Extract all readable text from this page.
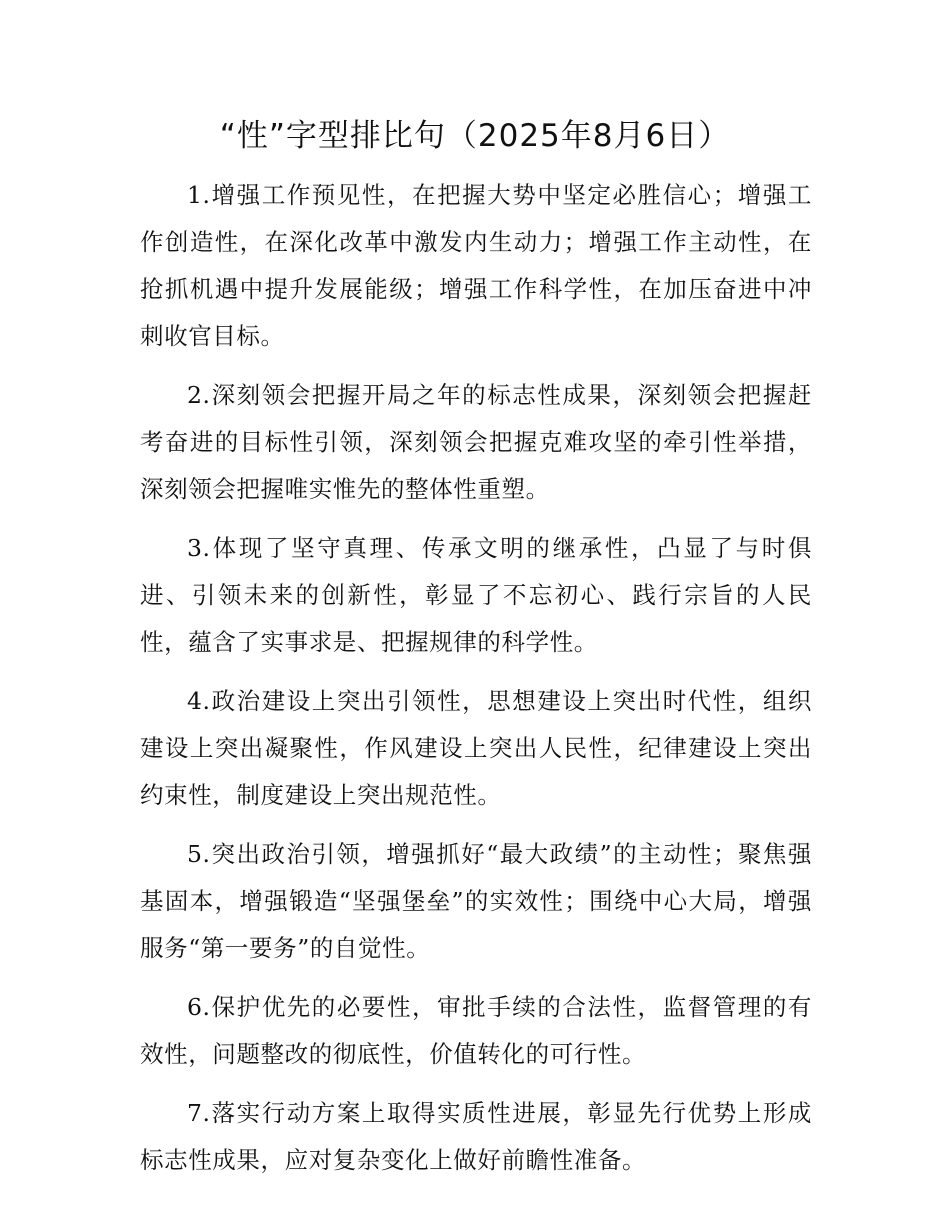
“性”字型排比句（2025年8月6日）

1.增强工作预见性，在把握大势中坚定必胜信心；增强工作创造性，在深化改革中激发内生动力；增强工作主动性，在抢抓机遇中提升发展能级；增强工作科学性，在加压奋进中冲刺收官目标。

2.深刻领会把握开局之年的标志性成果，深刻领会把握赶考奋进的目标性引领，深刻领会把握克难攻坚的牵引性举措，深刻领会把握唯实惟先的整体性重塑。

3.体现了坚守真理、传承文明的继承性，凸显了与时俱进、引领未来的创新性，彰显了不忘初心、践行宗旨的人民性，蕴含了实事求是、把握规律的科学性。

4.政治建设上突出引领性，思想建设上突出时代性，组织建设上突出凝聚性，作风建设上突出人民性，纪律建设上突出约束性，制度建设上突出规范性。

5.突出政治引领，增强抓好“最大政绩”的主动性；聚焦强基固本，增强锻造“坚强堡垒”的实效性；围绕中心大局，增强服务“第一要务”的自觉性。

6.保护优先的必要性，审批手续的合法性，监督管理的有效性，问题整改的彻底性，价值转化的可行性。

7.落实行动方案上取得实质性进展，彰显先行优势上形成标志性成果，应对复杂变化上做好前瞻性准备。
